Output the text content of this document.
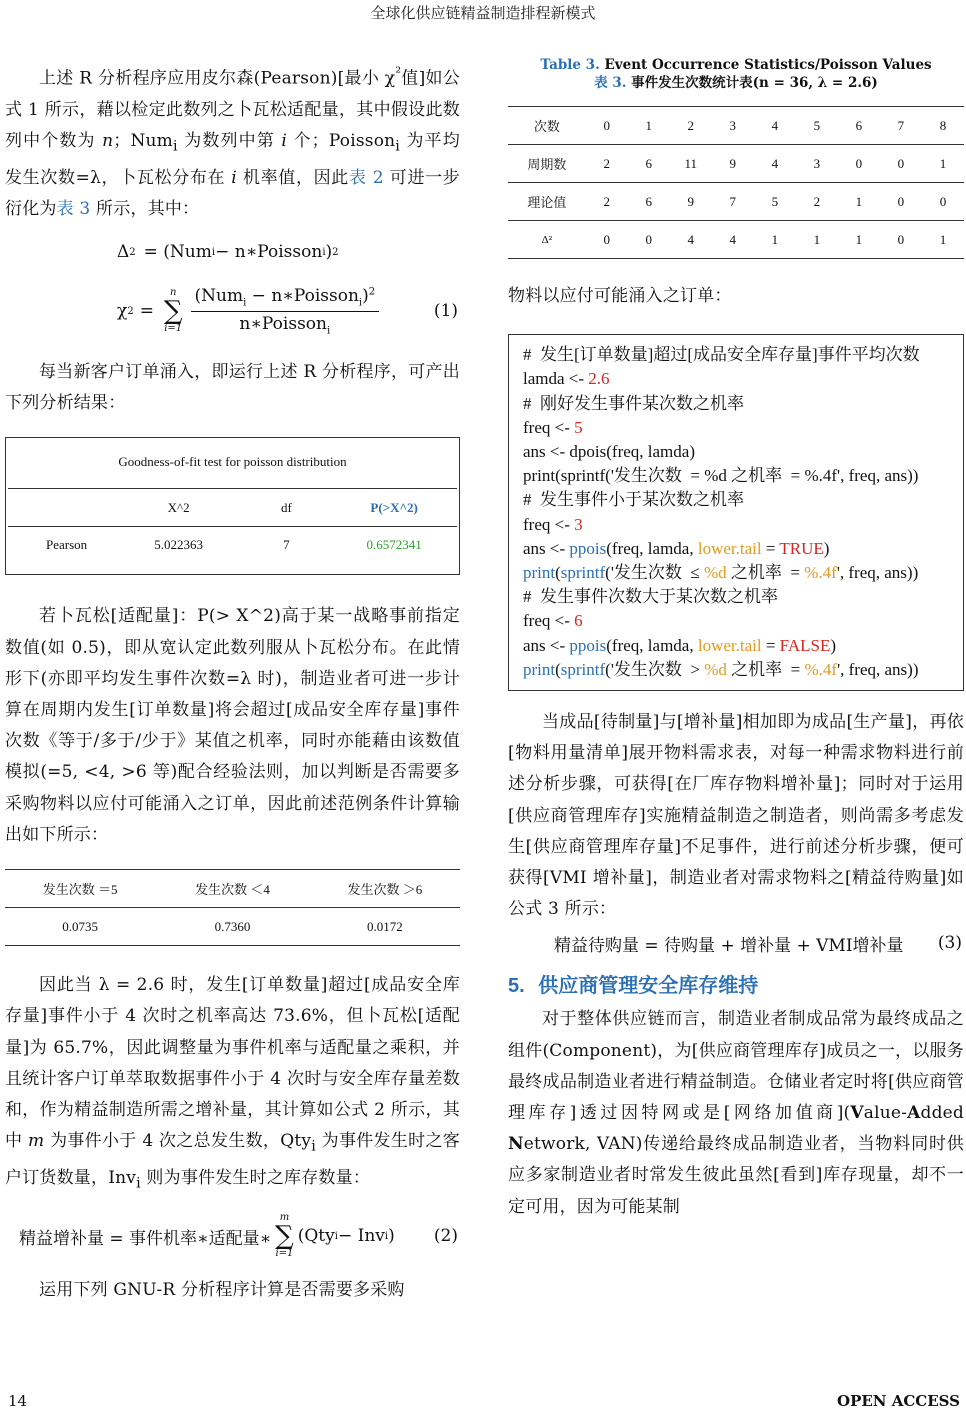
全球化供应链精益制造排程新模式

上述 R 分析程序应用皮尔森(Pearson)[最小 $\chi^{^2}$值]如公式 1 所示，藉以检定此数列之卜瓦松适配量，其中假设此数列中个数为 n；Num$_i$ 为数列中第 i 个；Poisson$_i$ 为平均发生次数=λ，卜瓦松分布在 i 机率值，因此表 2 可进一步衍化为表 3 所示，其中：

Δ 2 = (Num i − n∗Poisson i ) 2
χ 2 =
n
∑
$i=1 \frac{(Num_i - n∗Poisson_i)^2}{n∗Poisson_i}$	(1)

每当新客户订单涌入，即运行上述 R 分析程序，可产出下列分析结果：

Goodness-of-fit test for poisson distribution
	X^2	df	P(>X^2)
Pearson	5.022363	7	0.6572341

若卜瓦松[适配量]：P(> X^2)高于某一战略事前指定数值(如 0.5)，即从宽认定此数列服从卜瓦松分布。在此情形下(亦即平均发生事件次数=λ 时)，制造业者可进一步计算在周期内发生[订单数量]将会超过[成品安全库存量]事件次数《等于/多于/少于》某值之机率，同时亦能藉由该数值模拟(=5, <4, >6 等)配合经验法则，加以判断是否需要多采购物料以应付可能涌入之订单，因此前述范例条件计算输出如下所示：

发生次数 ＝5	发生次数 ＜4	发生次数 ＞6
0.0735	0.7360	0.0172

因此当 λ = 2.6 时，发生[订单数量]超过[成品安全库存量]事件小于 4 次时之机率高达 73.6%，但卜瓦松[适配量]为 65.7%，因此调整量为事件机率与适配量之乘积，并且统计客户订单萃取数据事件小于 4 次时与安全库存量差数和，作为精益制造所需之增补量，其计算如公式 2 所示，其中 m 为事件小于 4 次之总发生数，Qty$_i$ 为事件发生时之客户订货数量，Inv$_i$ 则为事件发生时之库存数量：

精益增补量 = 事件机率∗适配量∗
m
∑
i=1
(Qty i − Inv i ) (2)

运用下列 GNU-R 分析程序计算是否需要多采购

Table 3. Event Occurrence Statistics/Poisson Values
表 3. 事件发生次数统计表(n = 36, λ = 2.6)
次数	0	1	2	3	4	5	6	7	8
周期数	2	6	11	9	4	3	0	0	1
理论值	2	6	9	7	5	2	1	0	0
Δ²	0	0	4	4	1	1	1	0	1

物料以应付可能涌入之订单：

#  发生[订单数量]超过[成品安全库存量]事件平均次数
lamda <- 2.6
#  刚好发生事件某次数之机率
freq <- 5
ans <- dpois(freq, lamda)
print(sprintf('发生次数  = %d 之机率  = %.4f', freq, ans))
#  发生事件小于某次数之机率
freq <- 3
ans <- ppois(freq, lamda, lower.tail = TRUE)
print(sprintf('发生次数  ≤ %d 之机率  = %.4f', freq, ans))
#  发生事件次数大于某次数之机率
freq <- 6
ans <- ppois(freq, lamda, lower.tail = FALSE)
print(sprintf('发生次数  > %d 之机率  = %.4f', freq, ans))

当成品[待制量]与[增补量]相加即为成品[生产量]，再依[物料用量清单]展开物料需求表，对每一种需求物料进行前述分析步骤，可获得[在厂库存物料增补量]；同时对于运用[供应商管理库存]实施精益制造之制造者，则尚需多考虑发生[供应商管理库存量]不足事件，进行前述分析步骤，便可获得[VMI 增补量]，制造业者对需求物料之[精益待购量]如公式 3 所示：

精益待购量 = 待购量 + 增补量 + VMI增补量 (3)
5. 供应商管理安全库存维持

对于整体供应链而言，制造业者制成品常为最终成品之组件(Component)，为[供应商管理库存]成员之一，以服务最终成品制造业者进行精益制造。仓储业者定时将[供应商管理库存]透过因特网或是[网络加值商](Value-Added Network, VAN)传递给最终成品制造业者，当物料同时供应多家制造业者时常发生彼此虽然[看到]库存现量，却不一定可用，因为可能某制

14	OPEN ACCESS
